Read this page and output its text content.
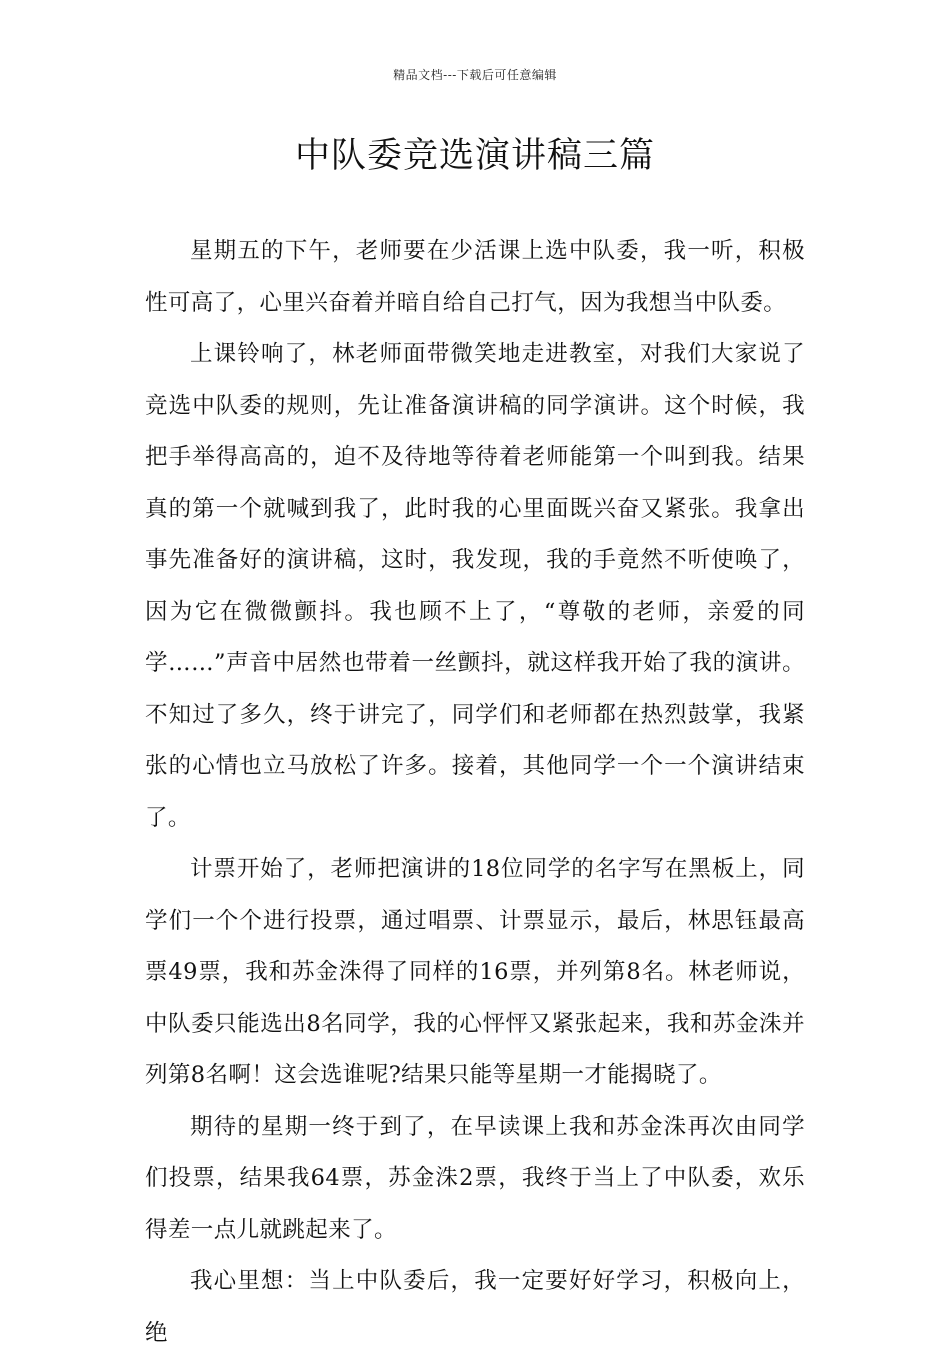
精品文档---下载后可任意编辑
中队委竞选演讲稿三篇

星期五的下午，老师要在少活课上选中队委，我一听，积极性可高了，心里兴奋着并暗自给自己打气，因为我想当中队委。

上课铃响了，林老师面带微笑地走进教室，对我们大家说了竞选中队委的规则，先让准备演讲稿的同学演讲。这个时候，我把手举得高高的，迫不及待地等待着老师能第一个叫到我。结果真的第一个就喊到我了，此时我的心里面既兴奋又紧张。我拿出事先准备好的演讲稿，这时，我发现，我的手竟然不听使唤了，因为它在微微颤抖。我也顾不上了，“尊敬的老师，亲爱的同学……”声音中居然也带着一丝颤抖，就这样我开始了我的演讲。不知过了多久，终于讲完了，同学们和老师都在热烈鼓掌，我紧张的心情也立马放松了许多。接着，其他同学一个一个演讲结束了。

计票开始了，老师把演讲的18位同学的名字写在黑板上，同学们一个个进行投票，通过唱票、计票显示，最后，林思钰最高票49票，我和苏金洙得了同样的16票，并列第8名。林老师说，中队委只能选出8名同学，我的心怦怦又紧张起来，我和苏金洙并列第8名啊！这会选谁呢?结果只能等星期一才能揭晓了。

期待的星期一终于到了，在早读课上我和苏金洙再次由同学们投票，结果我64票，苏金洙2票，我终于当上了中队委，欢乐得差一点儿就跳起来了。

我心里想：当上中队委后，我一定要好好学习，积极向上，绝
